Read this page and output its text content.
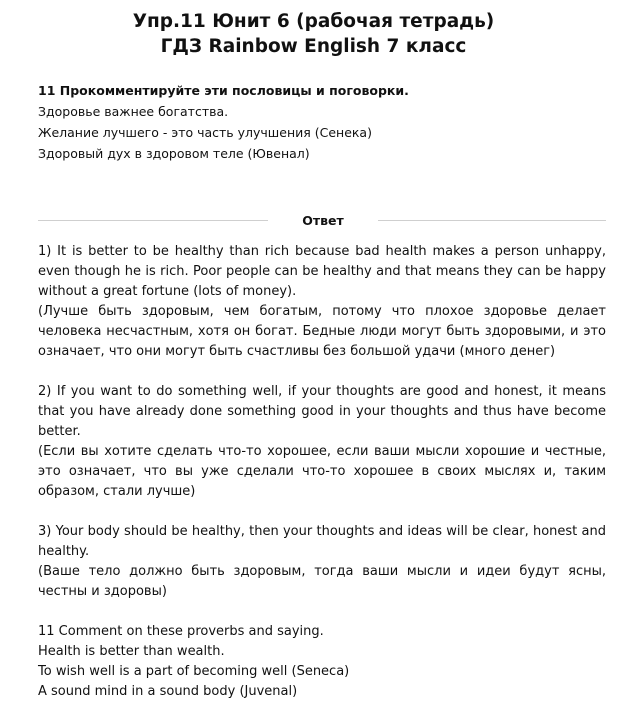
Упр.11 Юнит 6 (рабочая тетрадь)
ГДЗ Rainbow English 7 класс
11 Прокомментируйте эти пословицы и поговорки.
Здоровье важнее богатства.
Желание лучшего - это часть улучшения (Сенека)
Здоровый дух в здоровом теле (Ювенал)
Ответ

1) It is better to be healthy than rich because bad health makes a person unhappy, even though he is rich. Poor people can be healthy and that means they can be happy without a great fortune (lots of money).

(Лучше быть здоровым, чем богатым, потому что плохое здоровье делает человека несчастным, хотя он богат. Бедные люди могут быть здоровыми, и это означает, что они могут быть счастливы без большой удачи (много денег)

2) If you want to do something well, if your thoughts are good and honest, it means that you have already done something good in your thoughts and thus have become better.

(Если вы хотите сделать что-то хорошее, если ваши мысли хорошие и честные, это означает, что вы уже сделали что-то хорошее в своих мыслях и, таким образом, стали лучше)

3) Your body should be healthy, then your thoughts and ideas will be clear, honest and healthy.

(Ваше тело должно быть здоровым, тогда ваши мысли и идеи будут ясны, честны и здоровы)

11 Comment on these proverbs and saying.

Health is better than wealth.

To wish well is a part of becoming well (Seneca)

A sound mind in a sound body (Juvenal)
